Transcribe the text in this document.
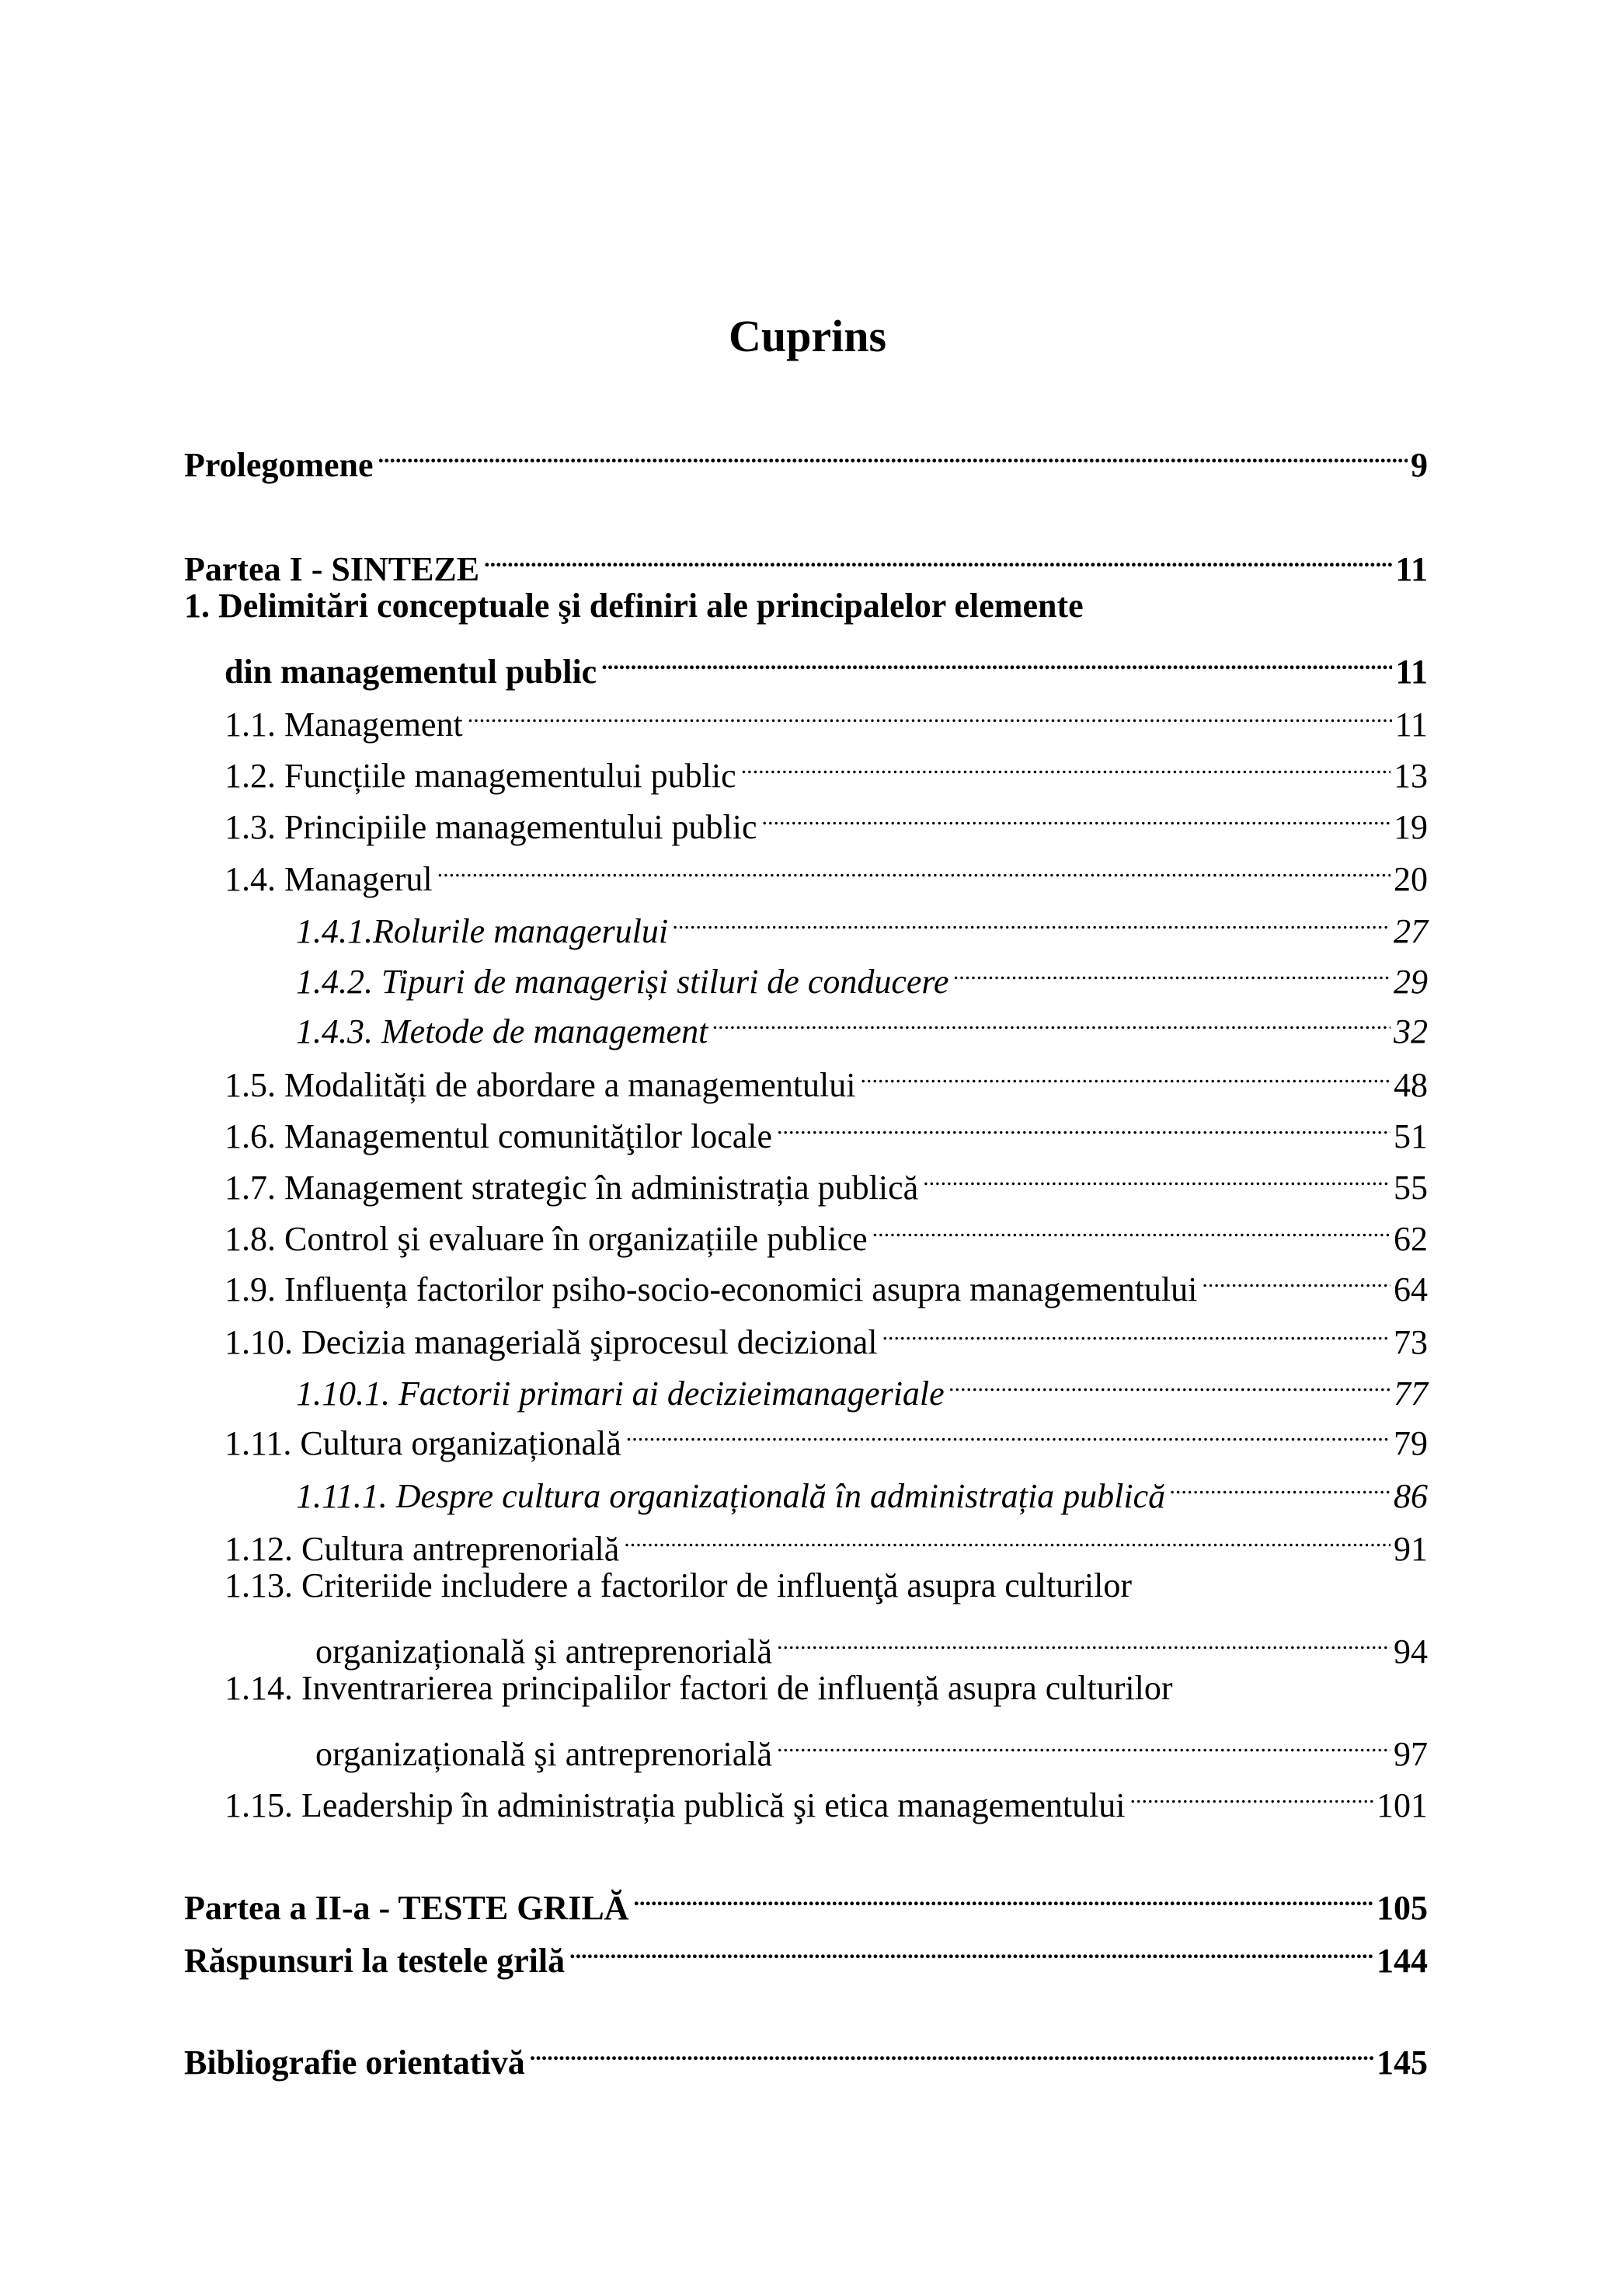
Cuprins
Prolegomene .....	9
Partea I - SINTEZE .....	11
1. Delimitări conceptuale şi definiri ale principalelor elemente
din managementul public .....	11
1.1. Management .....	11
1.2. Funcțiile managementului public .....	13
1.3. Principiile managementului public .....	19
1.4. Managerul .....	20
1.4.1.Rolurile managerului .....	27
1.4.2. Tipuri de manageriși stiluri de conducere .....	29
1.4.3. Metode de management .....	32
1.5. Modalități de abordare a managementului .....	48
1.6. Managementul comunităţilor locale .....	51
1.7. Management strategic în administrația publică .....	55
1.8. Control şi evaluare în organizațiile publice .....	62
1.9. Influența factorilor psiho-socio-economici asupra managementului .....	64
1.10. Decizia managerială şiprocesul decizional .....	73
1.10.1. Factorii primari ai decizieimanageriale .....	77
1.11. Cultura organizațională .....	79
1.11.1. Despre cultura organizațională în administrația publică .....	86
1.12. Cultura antreprenorială .....	91
1.13. Criteriide includere a factorilor de influenţă asupra culturilor
organizațională şi antreprenorială .....	94
1.14. Inventrarierea principalilor factori de influență asupra culturilor
organizațională şi antreprenorială .....	97
1.15. Leadership în administrația publică şi etica managementului .....	101
Partea a II-a - TESTE GRILĂ .....	105
Răspunsuri la testele grilă .....	144
Bibliografie orientativă .....	145
